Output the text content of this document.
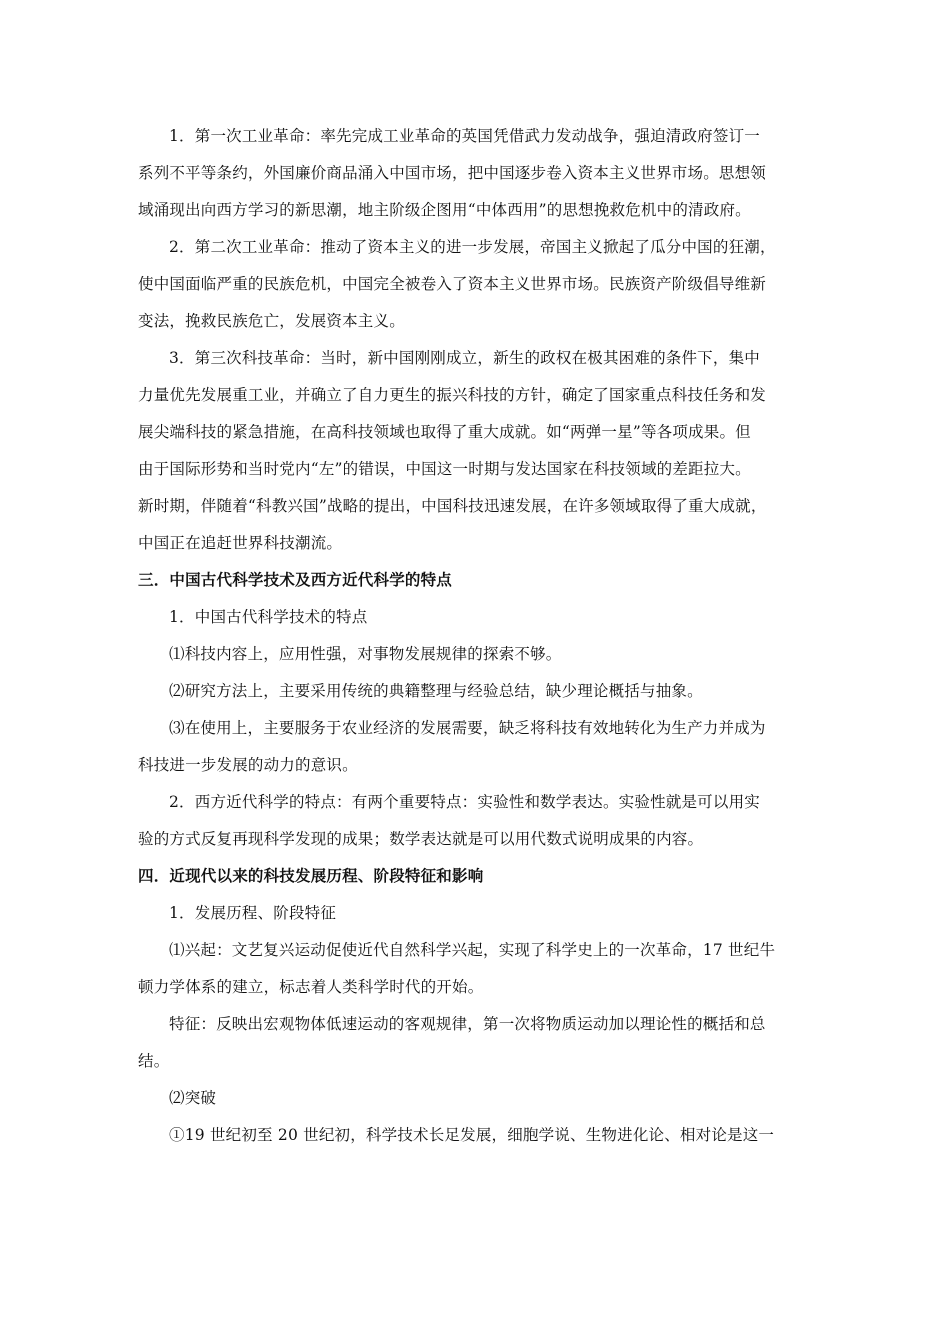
1．第一次工业革命：率先完成工业革命的英国凭借武力发动战争，强迫清政府签订一
系列不平等条约，外国廉价商品涌入中国市场，把中国逐步卷入资本主义世界市场。思想领
域涌现出向西方学习的新思潮，地主阶级企图用“中体西用”的思想挽救危机中的清政府。
2．第二次工业革命：推动了资本主义的进一步发展，帝国主义掀起了瓜分中国的狂潮，
使中国面临严重的民族危机，中国完全被卷入了资本主义世界市场。民族资产阶级倡导维新
变法，挽救民族危亡，发展资本主义。
3．第三次科技革命：当时，新中国刚刚成立，新生的政权在极其困难的条件下，集中
力量优先发展重工业，并确立了自力更生的振兴科技的方针，确定了国家重点科技任务和发
展尖端科技的紧急措施，在高科技领域也取得了重大成就。如“两弹一星”等各项成果。但
由于国际形势和当时党内“左”的错误，中国这一时期与发达国家在科技领域的差距拉大。
新时期，伴随着“科教兴国”战略的提出，中国科技迅速发展，在许多领域取得了重大成就，
中国正在追赶世界科技潮流。
三．中国古代科学技术及西方近代科学的特点
1．中国古代科学技术的特点
⑴科技内容上，应用性强，对事物发展规律的探索不够。
⑵研究方法上，主要采用传统的典籍整理与经验总结，缺少理论概括与抽象。
⑶在使用上，主要服务于农业经济的发展需要，缺乏将科技有效地转化为生产力并成为
科技进一步发展的动力的意识。
2．西方近代科学的特点：有两个重要特点：实验性和数学表达。实验性就是可以用实
验的方式反复再现科学发现的成果；数学表达就是可以用代数式说明成果的内容。
四．近现代以来的科技发展历程、阶段特征和影响
1．发展历程、阶段特征
⑴兴起：文艺复兴运动促使近代自然科学兴起，实现了科学史上的一次革命，17 世纪牛
顿力学体系的建立，标志着人类科学时代的开始。
特征：反映出宏观物体低速运动的客观规律，第一次将物质运动加以理论性的概括和总
结。
⑵突破
①19 世纪初至 20 世纪初，科学技术长足发展，细胞学说、生物进化论、相对论是这一
